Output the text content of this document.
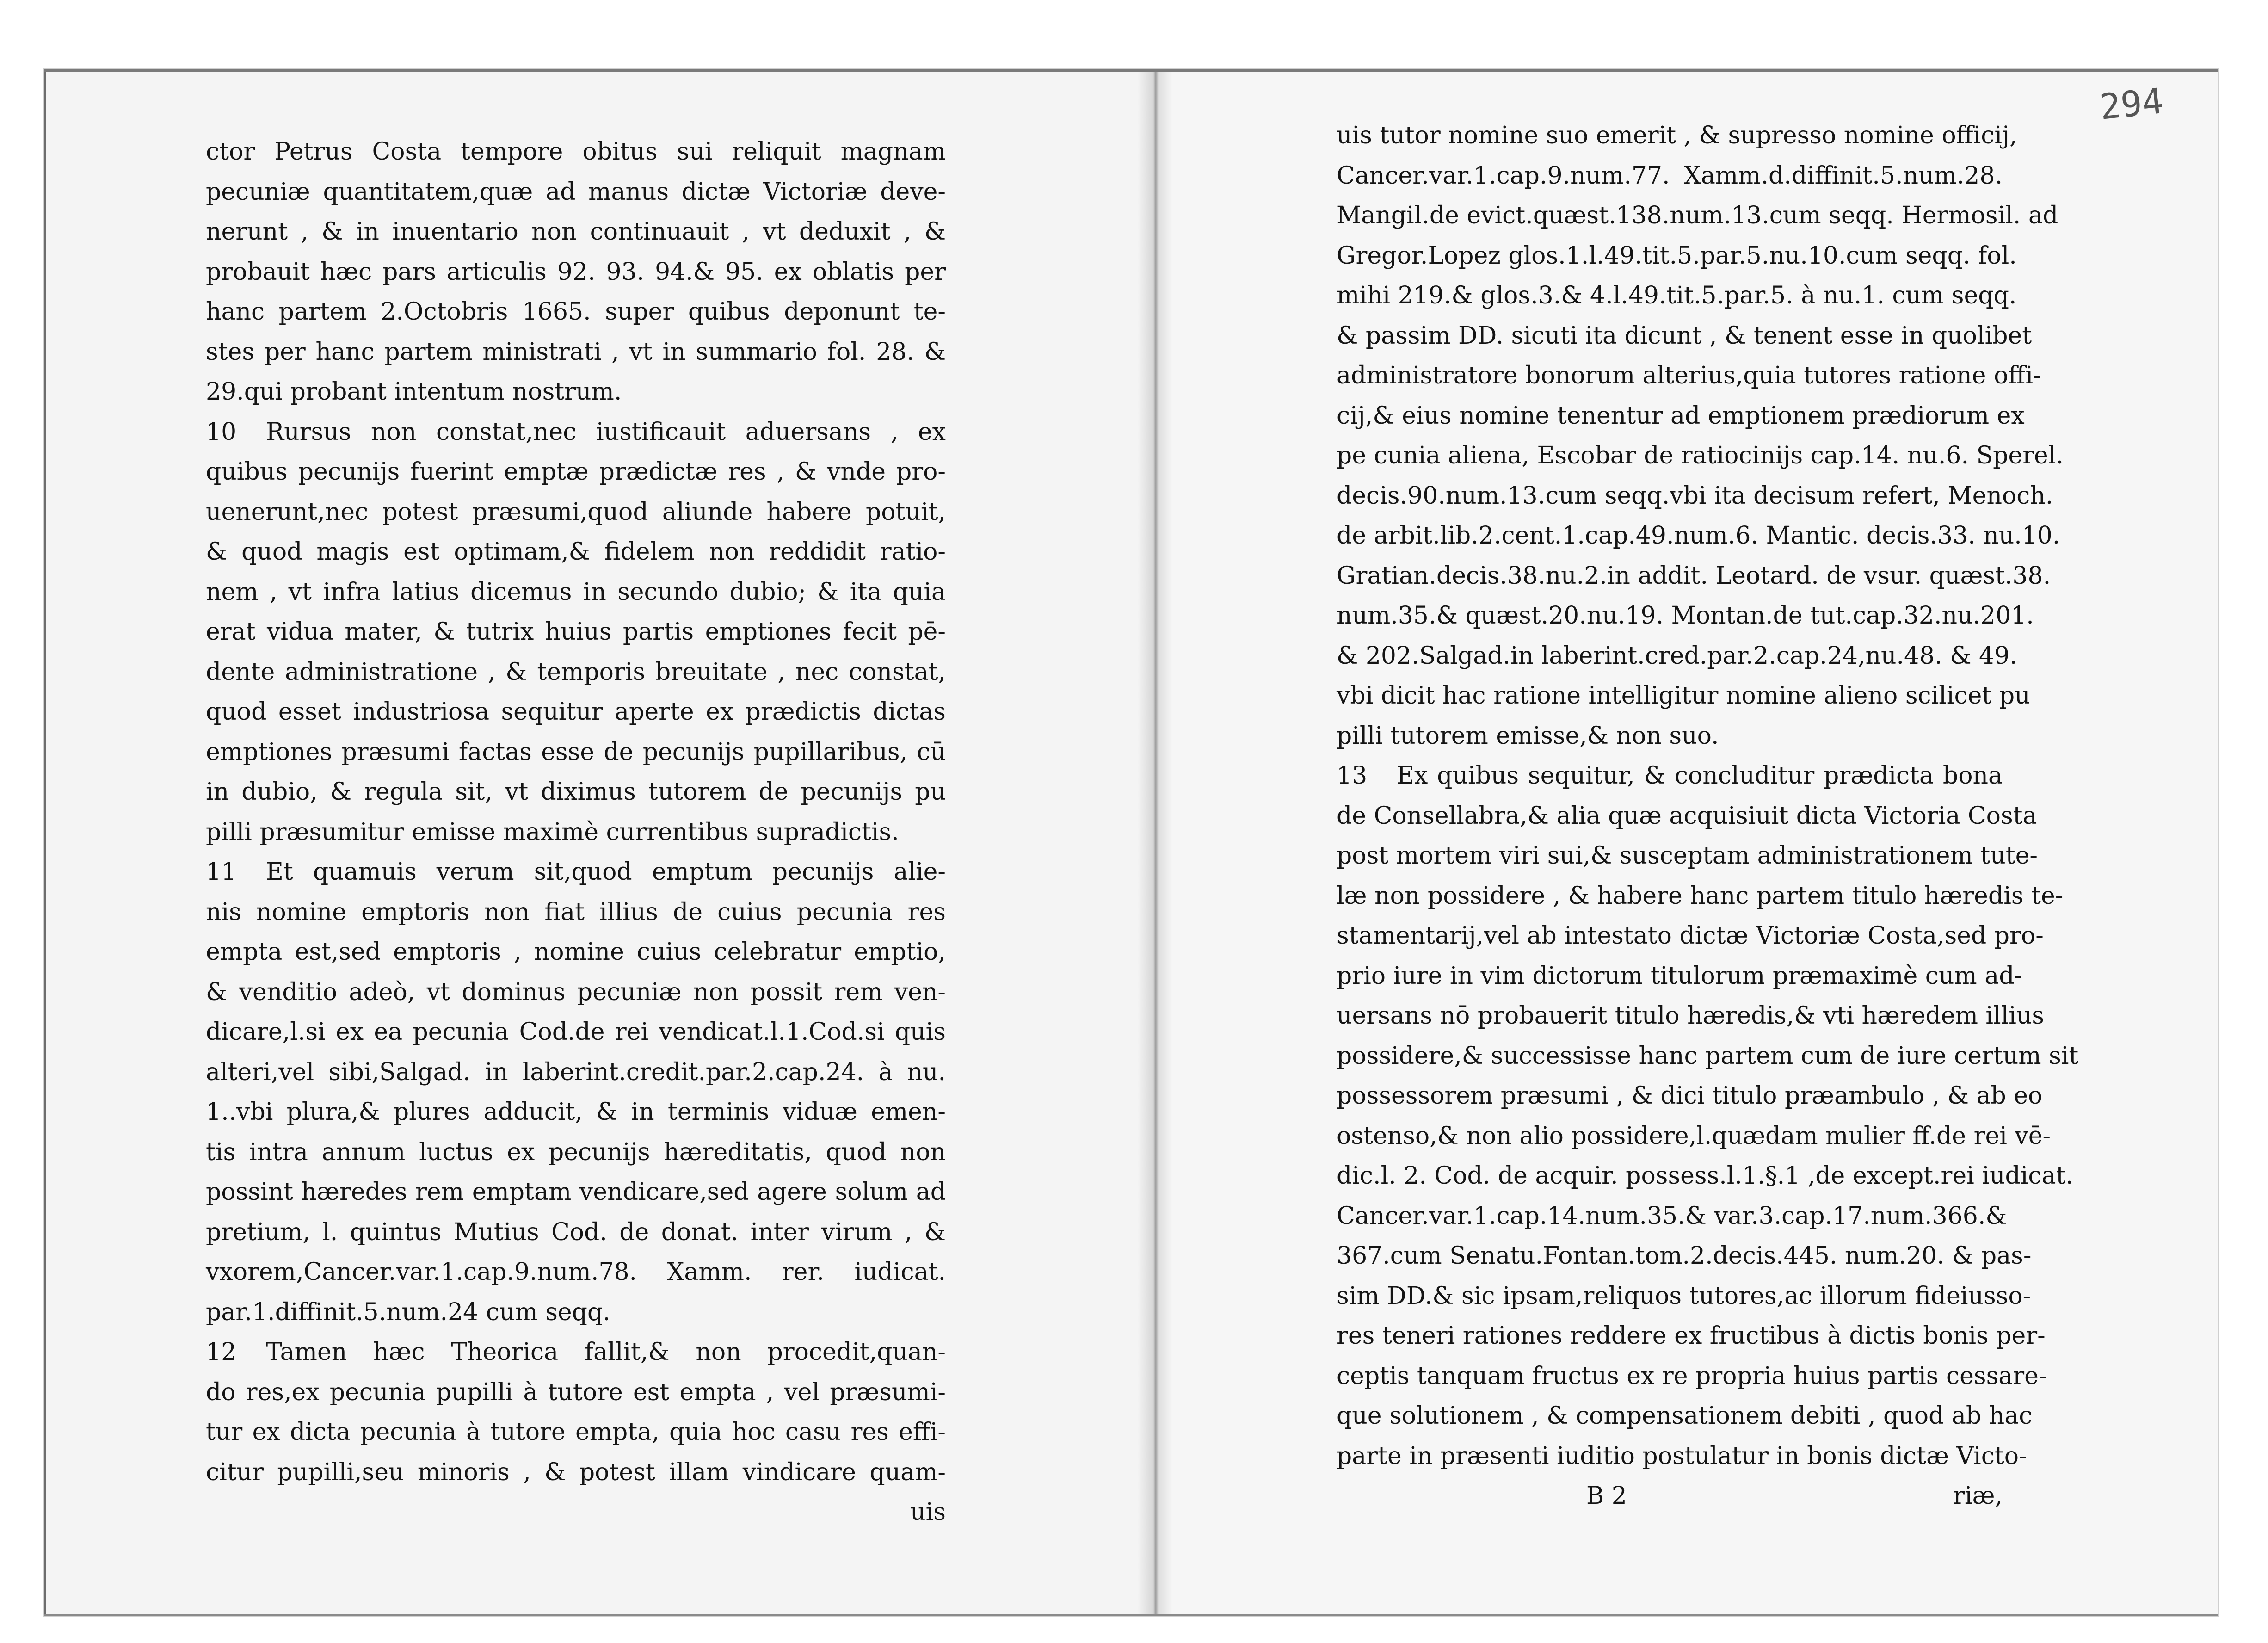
294
ctor Petrus Costa tempore obitus sui reliquit magnam
pecuniæ quantitatem,quæ ad manus dictæ Victoriæ deve-
nerunt , & in inuentario non continuauit , vt deduxit , &
probauit hæc pars articulis 92. 93. 94.& 95. ex oblatis per
hanc partem 2.Octobris 1665. super quibus deponunt te-
stes per hanc partem ministrati , vt in summario fol. 28. &
29.qui probant intentum nostrum.
10 Rursus non constat,nec iustificauit aduersans , ex
quibus pecunijs fuerint emptæ prædictæ res , & vnde pro-
uenerunt,nec potest præsumi,quod aliunde habere potuit,
& quod magis est optimam,& fidelem non reddidit ratio-
nem , vt infra latius dicemus in secundo dubio; & ita quia
erat vidua mater, & tutrix huius partis emptiones fecit pē-
dente administratione , & temporis breuitate , nec constat,
quod esset industriosa sequitur aperte ex prædictis dictas
emptiones præsumi factas esse de pecunijs pupillaribus, cū
in dubio, & regula sit, vt diximus tutorem de pecunijs pu
pilli præsumitur emisse maximè currentibus supradictis.
11 Et quamuis verum sit,quod emptum pecunijs alie-
nis nomine emptoris non fiat illius de cuius pecunia res
empta est,sed emptoris , nomine cuius celebratur emptio,
& venditio adeò, vt dominus pecuniæ non possit rem ven-
dicare,l.si ex ea pecunia Cod.de rei vendicat.l.1.Cod.si quis
alteri,vel sibi,Salgad. in laberint.credit.par.2.cap.24. à nu.
1..vbi plura,& plures adducit, & in terminis viduæ emen-
tis intra annum luctus ex pecunijs hæreditatis, quod non
possint hæredes rem emptam vendicare,sed agere solum ad
pretium, l. quintus Mutius Cod. de donat. inter virum , &
vxorem,Cancer.var.1.cap.9.num.78. Xamm. rer. iudicat.
par.1.diffinit.5.num.24 cum seqq.
12 Tamen hæc Theorica fallit,& non procedit,quan-
do res,ex pecunia pupilli à tutore est empta , vel præsumi-
tur ex dicta pecunia à tutore empta, quia hoc casu res effi-
citur pupilli,seu minoris , & potest illam vindicare quam-
uis
uis tutor nomine suo emerit , & supresso nomine officij,
Cancer.var.1.cap.9.num.77. Xamm.d.diffinit.5.num.28.
Mangil.de evict.quæst.138.num.13.cum seqq. Hermosil. ad
Gregor.Lopez glos.1.l.49.tit.5.par.5.nu.10.cum seqq. fol.
mihi 219.& glos.3.& 4.l.49.tit.5.par.5. à nu.1. cum seqq.
& passim DD. sicuti ita dicunt , & tenent esse in quolibet
administratore bonorum alterius,quia tutores ratione offi-
cij,& eius nomine tenentur ad emptionem prædiorum ex
pe cunia aliena, Escobar de ratiocinijs cap.14. nu.6. Sperel.
decis.90.num.13.cum seqq.vbi ita decisum refert, Menoch.
de arbit.lib.2.cent.1.cap.49.num.6. Mantic. decis.33. nu.10.
Gratian.decis.38.nu.2.in addit. Leotard. de vsur. quæst.38.
num.35.& quæst.20.nu.19. Montan.de tut.cap.32.nu.201.
& 202.Salgad.in laberint.cred.par.2.cap.24,nu.48. & 49.
vbi dicit hac ratione intelligitur nomine alieno scilicet pu
pilli tutorem emisse,& non suo.
13 Ex quibus sequitur, & concluditur prædicta bona
de Consellabra,& alia quæ acquisiuit dicta Victoria Costa
post mortem viri sui,& susceptam administrationem tute-
læ non possidere , & habere hanc partem titulo hæredis te-
stamentarij,vel ab intestato dictæ Victoriæ Costa,sed pro-
prio iure in vim dictorum titulorum præmaximè cum ad-
uersans nō probauerit titulo hæredis,& vti hæredem illius
possidere,& successisse hanc partem cum de iure certum sit
possessorem præsumi , & dici titulo præambulo , & ab eo
ostenso,& non alio possidere,l.quædam mulier ff.de rei vē-
dic.l. 2. Cod. de acquir. possess.l.1.§.1 ,de except.rei iudicat.
Cancer.var.1.cap.14.num.35.& var.3.cap.17.num.366.&
367.cum Senatu.Fontan.tom.2.decis.445. num.20. & pas-
sim DD.& sic ipsam,reliquos tutores,ac illorum fideiusso-
res teneri rationes reddere ex fructibus à dictis bonis per-
ceptis tanquam fructus ex re propria huius partis cessare-
que solutionem , & compensationem debiti , quod ab hac
parte in præsenti iuditio postulatur in bonis dictæ Victo-
B 2	riæ,
